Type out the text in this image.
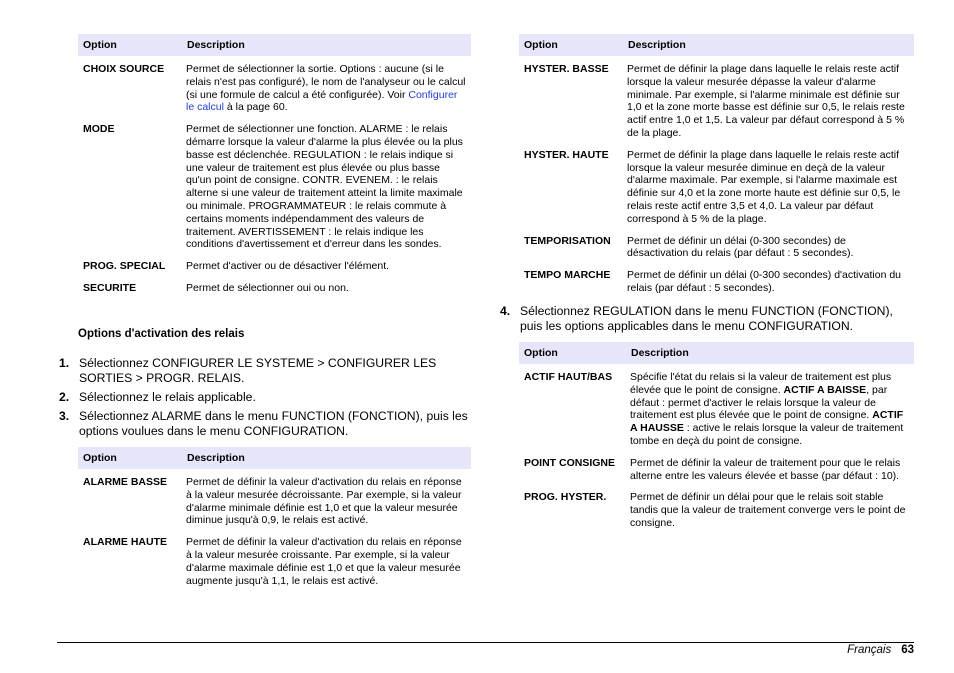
Option	Description
CHOIX SOURCE	Permet de sélectionner la sortie. Options : aucune (si le relais n'est pas configuré), le nom de l'analyseur ou le calcul (si une formule de calcul a été configurée). Voir Configurer le calcul à la page 60.
MODE	Permet de sélectionner une fonction. ALARME : le relais démarre lorsque la valeur d'alarme la plus élevée ou la plus basse est déclenchée. REGULATION : le relais indique si une valeur de traitement est plus élevée ou plus basse qu'un point de consigne. CONTR. EVENEM. : le relais alterne si une valeur de traitement atteint la limite maximale ou minimale. PROGRAMMATEUR : le relais commute à certains moments indépendamment des valeurs de traitement. AVERTISSEMENT : le relais indique les conditions d'avertissement et d'erreur dans les sondes.
PROG. SPECIAL	Permet d'activer ou de désactiver l'élément.
SECURITE	Permet de sélectionner oui ou non.
Options d'activation des relais
1. Sélectionnez CONFIGURER LE SYSTEME > CONFIGURER LES SORTIES > PROGR. RELAIS.
2. Sélectionnez le relais applicable.
3. Sélectionnez ALARME dans le menu FUNCTION (FONCTION), puis les options voulues dans le menu CONFIGURATION.
Option	Description
ALARME BASSE	Permet de définir la valeur d'activation du relais en réponse à la valeur mesurée décroissante. Par exemple, si la valeur d'alarme minimale définie est 1,0 et que la valeur mesurée diminue jusqu'à 0,9, le relais est activé.
ALARME HAUTE	Permet de définir la valeur d'activation du relais en réponse à la valeur mesurée croissante. Par exemple, si la valeur d'alarme maximale définie est 1,0 et que la valeur mesurée augmente jusqu'à 1,1, le relais est activé.
Option	Description
HYSTER. BASSE	Permet de définir la plage dans laquelle le relais reste actif lorsque la valeur mesurée dépasse la valeur d'alarme minimale. Par exemple, si l'alarme minimale est définie sur 1,0 et la zone morte basse est définie sur 0,5, le relais reste actif entre 1,0 et 1,5. La valeur par défaut correspond à 5 % de la plage.
HYSTER. HAUTE	Permet de définir la plage dans laquelle le relais reste actif lorsque la valeur mesurée diminue en deçà de la valeur d'alarme maximale. Par exemple, si l'alarme maximale est définie sur 4,0 et la zone morte haute est définie sur 0,5, le relais reste actif entre 3,5 et 4,0. La valeur par défaut correspond à 5 % de la plage.
TEMPORISATION	Permet de définir un délai (0-300 secondes) de désactivation du relais (par défaut : 5 secondes).
TEMPO MARCHE	Permet de définir un délai (0-300 secondes) d'activation du relais (par défaut : 5 secondes).
4. Sélectionnez REGULATION dans le menu FUNCTION (FONCTION), puis les options applicables dans le menu CONFIGURATION.
Option	Description
ACTIF HAUT/BAS	Spécifie l'état du relais si la valeur de traitement est plus élevée que le point de consigne. ACTIF A BAISSE, par défaut : permet d'activer le relais lorsque la valeur de traitement est plus élevée que le point de consigne. ACTIF A HAUSSE : active le relais lorsque la valeur de traitement tombe en deçà du point de consigne.
POINT CONSIGNE	Permet de définir la valeur de traitement pour que le relais alterne entre les valeurs élevée et basse (par défaut : 10).
PROG. HYSTER.	Permet de définir un délai pour que le relais soit stable tandis que la valeur de traitement converge vers le point de consigne.
Français 63
